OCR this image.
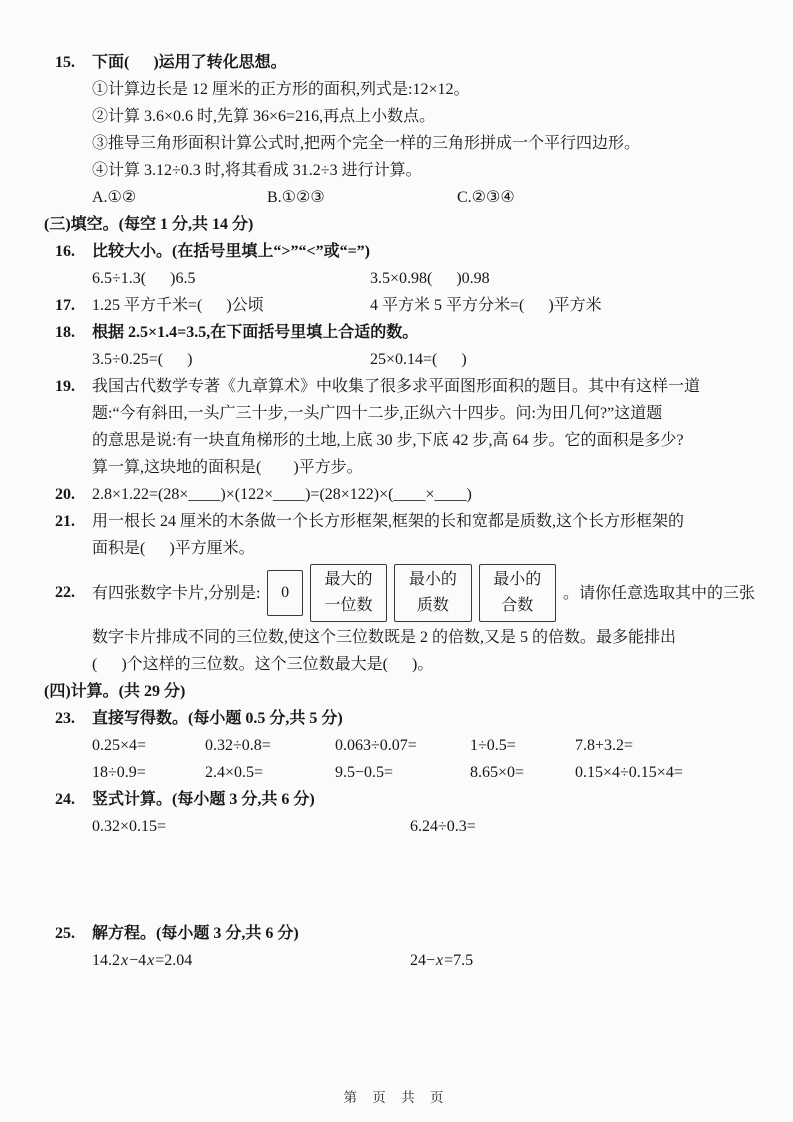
15. 下面(      )运用了转化思想。
①计算边长是 12 厘米的正方形的面积,列式是:12×12。
②计算 3.6×0.6 时,先算 36×6=216,再点上小数点。
③推导三角形面积计算公式时,把两个完全一样的三角形拼成一个平行四边形。
④计算 3.12÷0.3 时,将其看成 31.2÷3 进行计算。
A.①②	B.①②③	C.②③④
(三)填空。(每空 1 分,共 14 分)
16. 比较大小。(在括号里填上“>”“<”或“=”)
6.5÷1.3(      )6.5	3.5×0.98(      )0.98
17. 1.25 平方千米=(      )公顷	4 平方米 5 平方分米=(      )平方米
18. 根据 2.5×1.4=3.5,在下面括号里填上合适的数。
3.5÷0.25=(      )	25×0.14=(      )
19. 我国古代数学专著《九章算术》中收集了很多求平面图形面积的题目。其中有这样一道
题:“今有斜田,一头广三十步,一头广四十二步,正纵六十四步。问:为田几何?”这道题
的意思是说:有一块直角梯形的土地,上底 30 步,下底 42 步,高 64 步。它的面积是多少?
算一算,这块地的面积是(        )平方步。
20. 2.8×1.22=(28×____)×(122×____)=(28×122)×(____×____)
21. 用一根长 24 厘米的木条做一个长方形框架,框架的长和宽都是质数,这个长方形框架的
面积是(      )平方厘米。
22. 有四张数字卡片,分别是: 0
最大的
一位数
最小的
质数
最小的
合数
。请你任意选取其中的三张
数字卡片排成不同的三位数,使这个三位数既是 2 的倍数,又是 5 的倍数。最多能排出
(      )个这样的三位数。这个三位数最大是(      )。
(四)计算。(共 29 分)
23. 直接写得数。(每小题 0.5 分,共 5 分)
0.25×4=	0.32÷0.8=	0.063÷0.07=	1÷0.5=	7.8+3.2=
18÷0.9=	2.4×0.5=	9.5−0.5=	8.65×0=	0.15×4÷0.15×4=
24. 竖式计算。(每小题 3 分,共 6 分)
0.32×0.15=	6.24÷0.3=
25. 解方程。(每小题 3 分,共 6 分)
14.2x−4x=2.04	24−x=7.5
第 页 共 页
